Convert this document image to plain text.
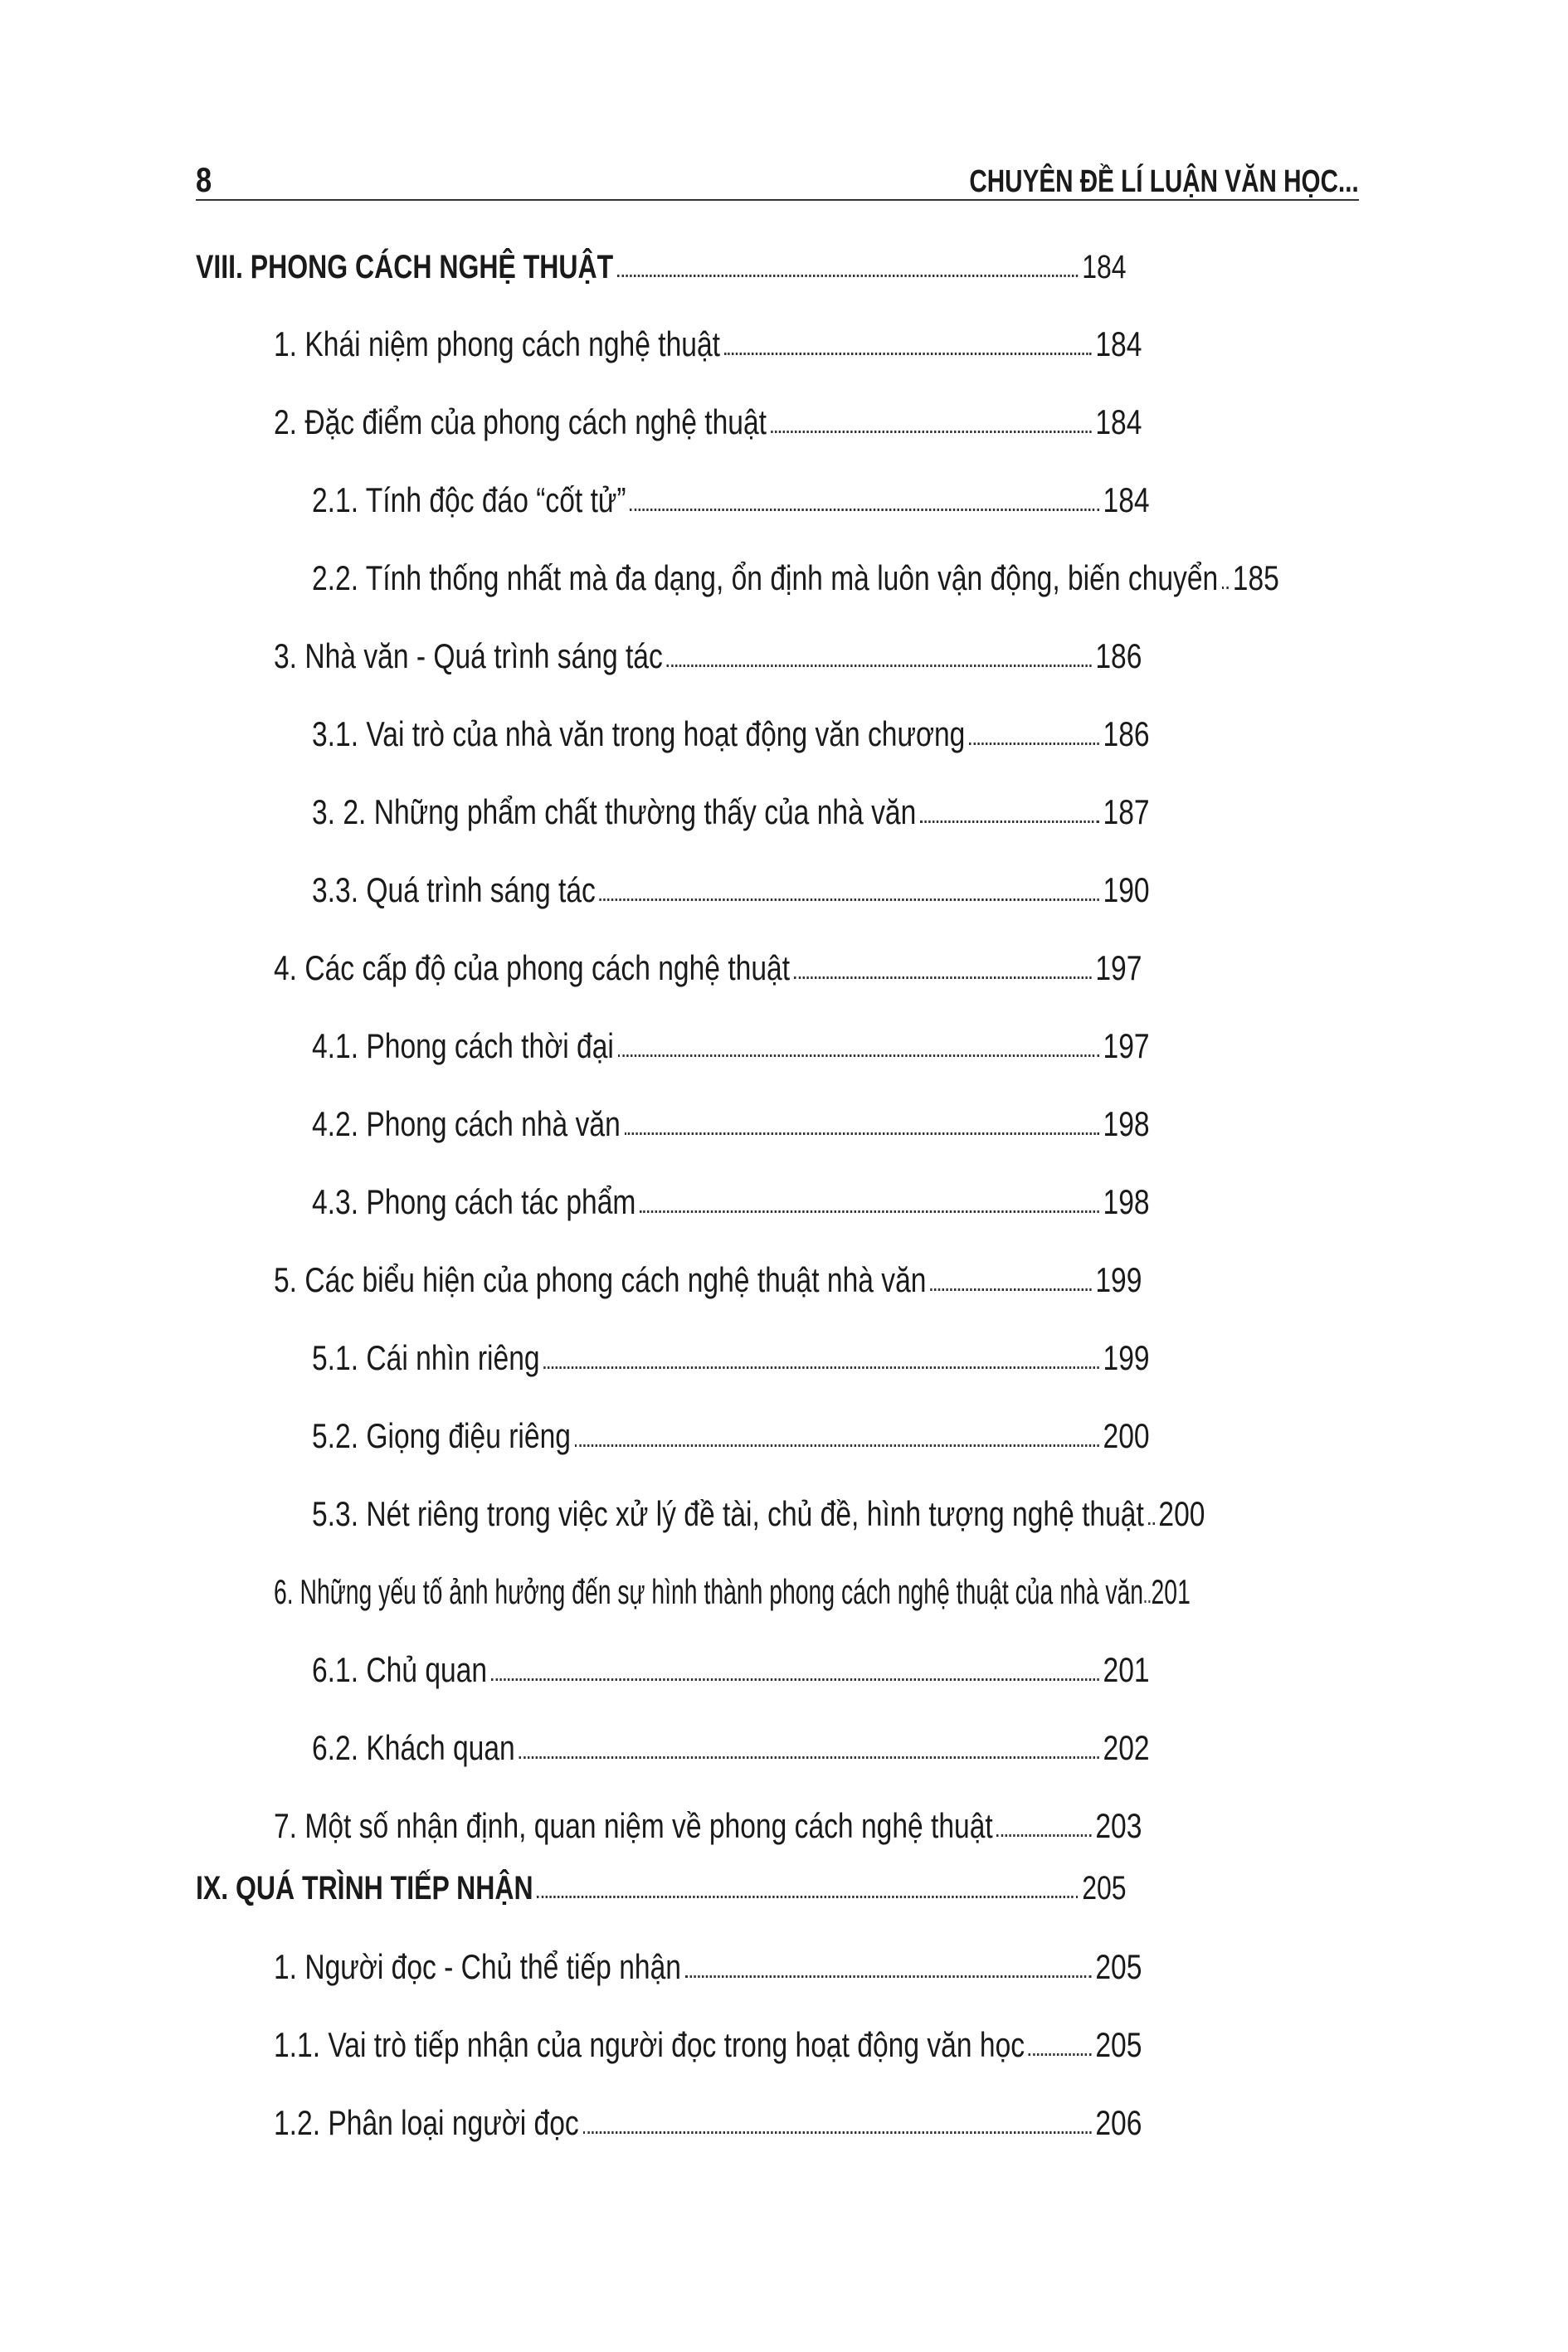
8	CHUYÊN ĐỀ LÍ LUẬN VĂN HỌC...
VIII. PHONG CÁCH NGHỆ THUẬT	184
1. Khái niệm phong cách nghệ thuật	184
2. Đặc điểm của phong cách nghệ thuật	184
2.1. Tính độc đáo “cốt tử”	184
2.2. Tính thống nhất mà đa dạng, ổn định mà luôn vận động, biến chuyển 185
3. Nhà văn - Quá trình sáng tác	186
3.1. Vai trò của nhà văn trong hoạt động văn chương	186
3. 2. Những phẩm chất thường thấy của nhà văn	187
3.3. Quá trình sáng tác	190
4. Các cấp độ của phong cách nghệ thuật	197
4.1. Phong cách thời đại	197
4.2. Phong cách nhà văn	198
4.3. Phong cách tác phẩm	198
5. Các biểu hiện của phong cách nghệ thuật nhà văn	199
5.1. Cái nhìn riêng	199
5.2. Giọng điệu riêng	200
5.3. Nét riêng trong việc xử lý đề tài, chủ đề, hình tượng nghệ thuật 200
6. Những yếu tố ảnh hưởng đến sự hình thành phong cách nghệ thuật của nhà văn 201
6.1. Chủ quan	201
6.2. Khách quan	202
7. Một số nhận định, quan niệm về phong cách nghệ thuật	203
IX. QUÁ TRÌNH TIẾP NHẬN	205
1. Người đọc - Chủ thể tiếp nhận	205
1.1. Vai trò tiếp nhận của người đọc trong hoạt động văn học 205
1.2. Phân loại người đọc	206
